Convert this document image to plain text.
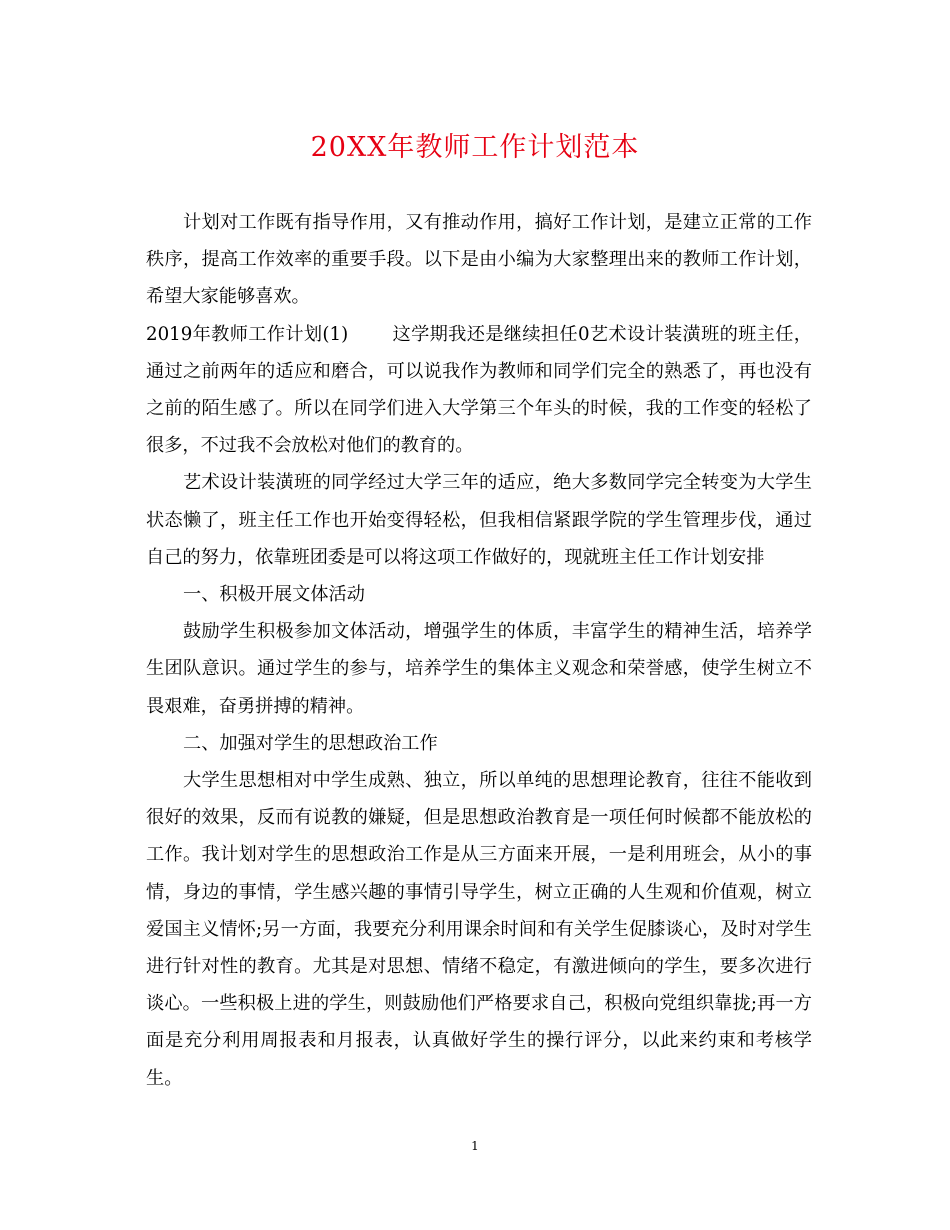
20XX年教师工作计划范本

计划对工作既有指导作用，又有推动作用，搞好工作计划，是建立正常的工作秩序，提高工作效率的重要手段。以下是由小编为大家整理出来的教师工作计划，希望大家能够喜欢。

2019年教师工作计划(1) 这学期我还是继续担任0艺术设计装潢班的班主任，通过之前两年的适应和磨合，可以说我作为教师和同学们完全的熟悉了，再也没有之前的陌生感了。所以在同学们进入大学第三个年头的时候，我的工作变的轻松了很多，不过我不会放松对他们的教育的。

艺术设计装潢班的同学经过大学三年的适应，绝大多数同学完全转变为大学生状态懒了，班主任工作也开始变得轻松，但我相信紧跟学院的学生管理步伐，通过自己的努力，依靠班团委是可以将这项工作做好的，现就班主任工作计划安排

一、积极开展文体活动

鼓励学生积极参加文体活动，增强学生的体质，丰富学生的精神生活，培养学生团队意识。通过学生的参与，培养学生的集体主义观念和荣誉感，使学生树立不畏艰难，奋勇拼搏的精神。

二、加强对学生的思想政治工作

大学生思想相对中学生成熟、独立，所以单纯的思想理论教育，往往不能收到很好的效果，反而有说教的嫌疑，但是思想政治教育是一项任何时候都不能放松的工作。我计划对学生的思想政治工作是从三方面来开展，一是利用班会，从小的事情，身边的事情，学生感兴趣的事情引导学生，树立正确的人生观和价值观，树立爱国主义情怀;另一方面，我要充分利用课余时间和有关学生促膝谈心，及时对学生进行针对性的教育。尤其是对思想、情绪不稳定，有激进倾向的学生，要多次进行谈心。一些积极上进的学生，则鼓励他们严格要求自己，积极向党组织靠拢;再一方面是充分利用周报表和月报表，认真做好学生的操行评分，以此来约束和考核学生。

1
